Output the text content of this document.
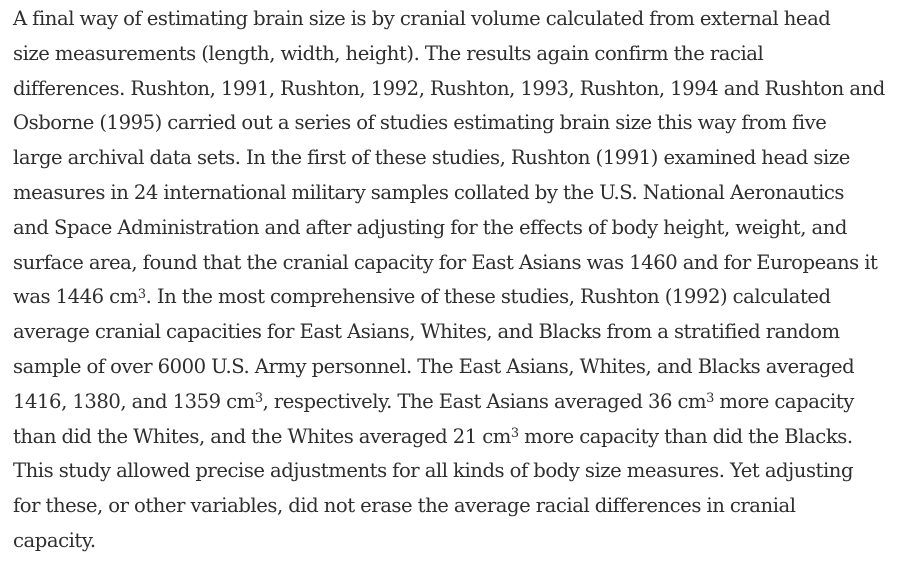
A final way of estimating brain size is by cranial volume calculated from external head
size measurements (length, width, height). The results again confirm the racial
differences. Rushton, 1991, Rushton, 1992, Rushton, 1993, Rushton, 1994 and Rushton and
Osborne (1995) carried out a series of studies estimating brain size this way from five
large archival data sets. In the first of these studies, Rushton (1991) examined head size
measures in 24 international military samples collated by the U.S. National Aeronautics
and Space Administration and after adjusting for the effects of body height, weight, and
surface area, found that the cranial capacity for East Asians was 1460 and for Europeans it
was 1446 $cm^3$. In the most comprehensive of these studies, Rushton (1992) calculated
average cranial capacities for East Asians, Whites, and Blacks from a stratified random
sample of over 6000 U.S. Army personnel. The East Asians, Whites, and Blacks averaged
1416, 1380, and 1359 $cm^3$, respectively. The East Asians averaged 36 $cm^3$ more capacity
than did the Whites, and the Whites averaged 21 $cm^3$ more capacity than did the Blacks.
This study allowed precise adjustments for all kinds of body size measures. Yet adjusting
for these, or other variables, did not erase the average racial differences in cranial
capacity.
